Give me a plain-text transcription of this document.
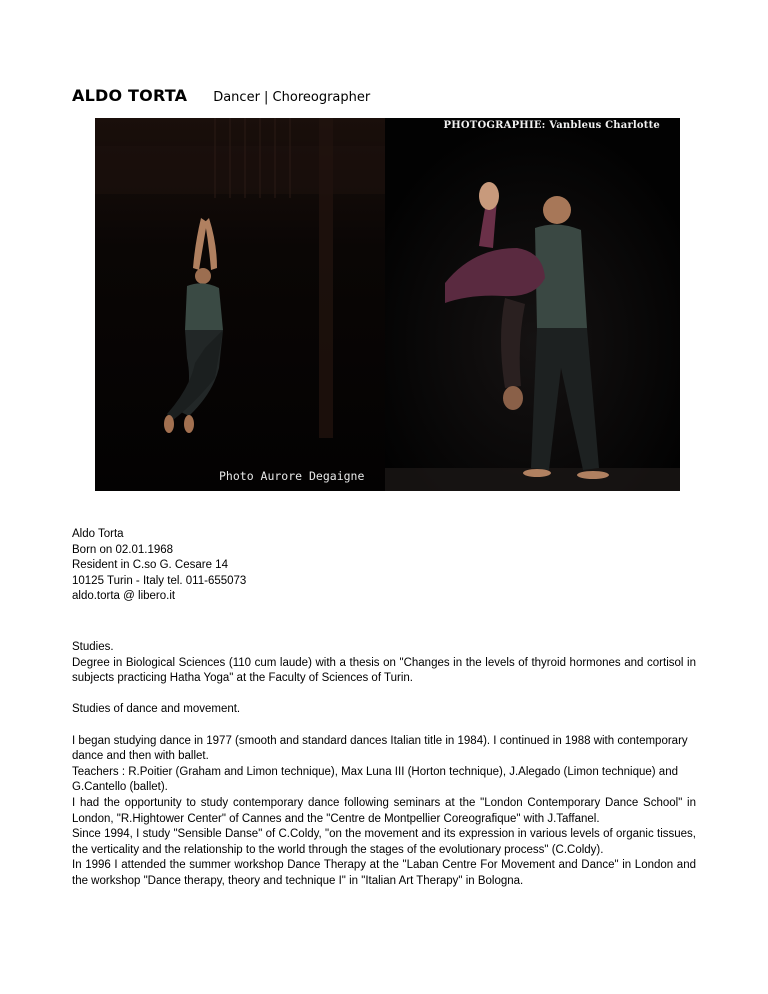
ALDO TORTA Dancer | Choreographer
Photo Aurore Degaigne
PHOTOGRAPHIE: Vanbleus Charlotte
Aldo Torta
Born on 02.01.1968
Resident in C.so G. Cesare 14
10125 Turin - Italy tel. 011-655073
aldo.torta @ libero.it

Studies.

Degree in Biological Sciences (110 cum laude) with a thesis on "Changes in the levels of thyroid hormones and cortisol in subjects practicing Hatha Yoga" at the Faculty of Sciences of Turin.

Studies of dance and movement.

I began studying dance in 1977 (smooth and standard dances Italian title in 1984). I continued in 1988 with contemporary dance and then with ballet.

Teachers : R.Poitier (Graham and Limon technique), Max Luna III (Horton technique), J.Alegado (Limon technique) and G.Cantello (ballet).

I had the opportunity to study contemporary dance following seminars at the "London Contemporary Dance School" in London, "R.Hightower Center" of Cannes and the "Centre de Montpellier Coreografique" with J.Taffanel.

Since 1994, I study "Sensible Danse" of C.Coldy, "on the movement and its expression in various levels of organic tissues, the verticality and the relationship to the world through the stages of the evolutionary process" (C.Coldy).

In 1996 I attended the summer workshop Dance Therapy at the "Laban Centre For Movement and Dance" in London and the workshop "Dance therapy, theory and technique I" in "Italian Art Therapy" in Bologna.
